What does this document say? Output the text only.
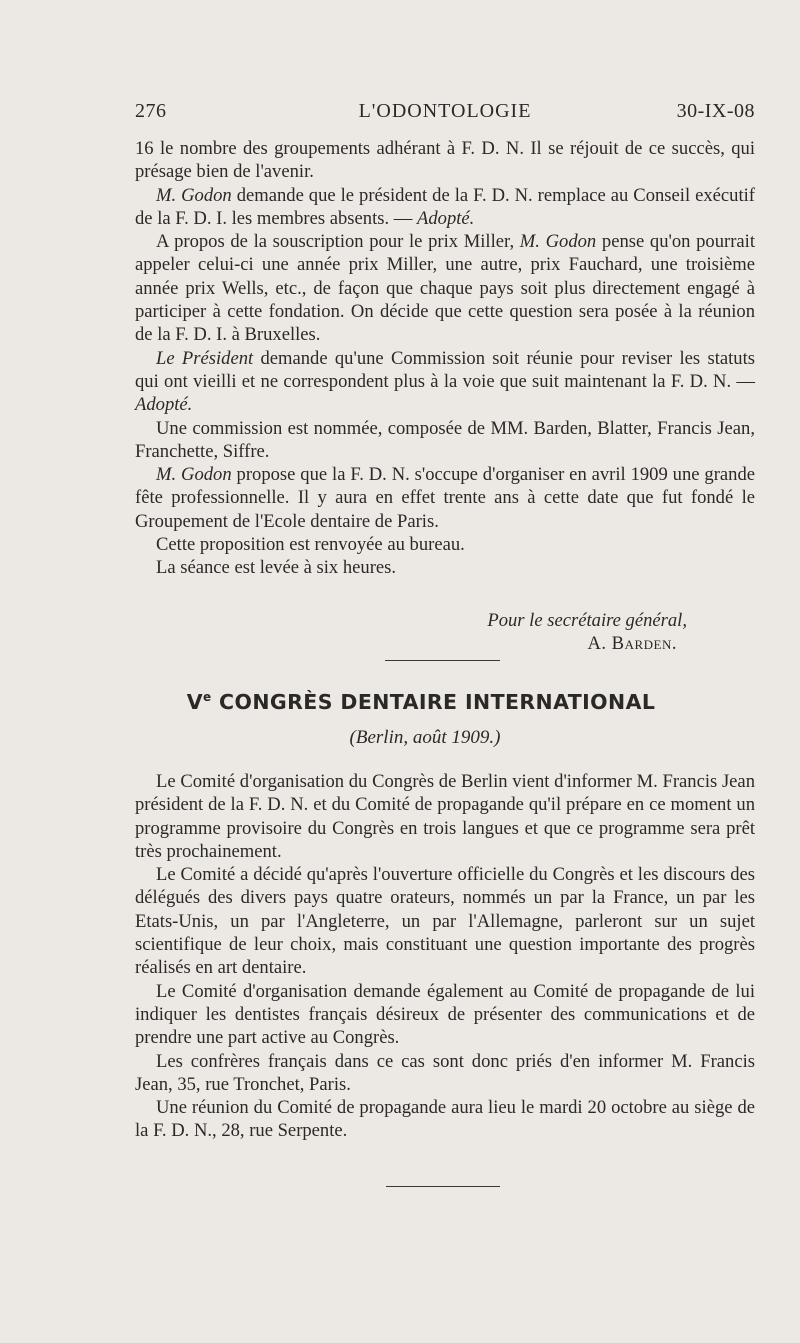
276	L'ODONTOLOGIE	30-IX-08

16 le nombre des groupements adhérant à F. D. N. Il se réjouit de ce succès, qui présage bien de l'avenir.

M. Godon demande que le président de la F. D. N. remplace au Conseil exécutif de la F. D. I. les membres absents. — Adopté.

A propos de la souscription pour le prix Miller, M. Godon pense qu'on pourrait appeler celui-ci une année prix Miller, une autre, prix Fauchard, une troisième année prix Wells, etc., de façon que chaque pays soit plus directement engagé à participer à cette fondation. On décide que cette question sera posée à la réunion de la F. D. I. à Bruxelles.

Le Président demande qu'une Commission soit réunie pour reviser les statuts qui ont vieilli et ne correspondent plus à la voie que suit maintenant la F. D. N. — Adopté.

Une commission est nommée, composée de MM. Barden, Blatter, Francis Jean, Franchette, Siffre.

M. Godon propose que la F. D. N. s'occupe d'organiser en avril 1909 une grande fête professionnelle. Il y aura en effet trente ans à cette date que fut fondé le Groupement de l'Ecole dentaire de Paris.

Cette proposition est renvoyée au bureau.

La séance est levée à six heures.

Pour le secrétaire général,
A. Barden.
Ve CONGRÈS DENTAIRE INTERNATIONAL
(Berlin, août 1909.)

Le Comité d'organisation du Congrès de Berlin vient d'informer M. Francis Jean président de la F. D. N. et du Comité de propagande qu'il prépare en ce moment un programme provisoire du Congrès en trois langues et que ce programme sera prêt très prochainement.

Le Comité a décidé qu'après l'ouverture officielle du Congrès et les discours des délégués des divers pays quatre orateurs, nommés un par la France, un par les Etats-Unis, un par l'Angleterre, un par l'Allemagne, parleront sur un sujet scientifique de leur choix, mais constituant une question importante des progrès réalisés en art dentaire.

Le Comité d'organisation demande également au Comité de propagande de lui indiquer les dentistes français désireux de présenter des communications et de prendre une part active au Congrès.

Les confrères français dans ce cas sont donc priés d'en informer M. Francis Jean, 35, rue Tronchet, Paris.

Une réunion du Comité de propagande aura lieu le mardi 20 octobre au siège de la F. D. N., 28, rue Serpente.
